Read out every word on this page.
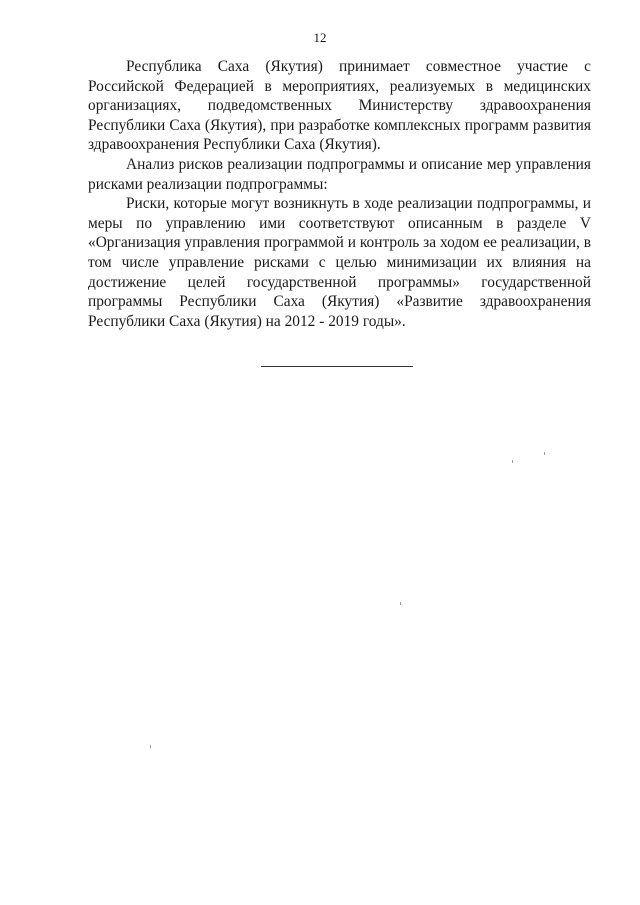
12

Республика Саха (Якутия) принимает совместное участие с Российской Федерацией в мероприятиях, реализуемых в медицинских организациях, подведомственных Министерству здравоохранения Республики Саха (Якутия), при разработке комплексных программ развития здравоохранения Республики Саха (Якутия).

Анализ рисков реализации подпрограммы и описание мер управления рисками реализации подпрограммы:

Риски, которые могут возникнуть в ходе реализации подпрограммы, и меры по управлению ими соответствуют описанным в разделе V «Организация управления программой и контроль за ходом ее реализации, в том числе управление рисками с целью минимизации их влияния на достижение целей государственной программы» государственной программы Республики Саха (Якутия) «Развитие здравоохранения Республики Саха (Якутия) на 2012 - 2019 годы».
